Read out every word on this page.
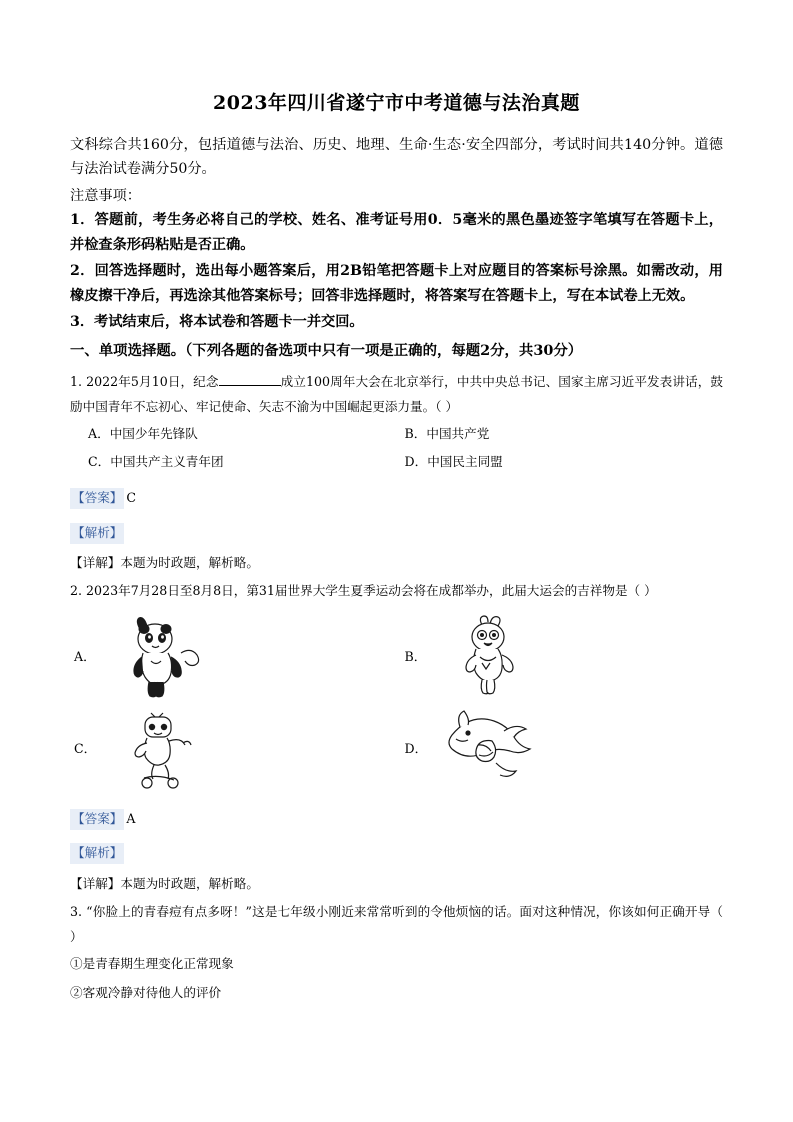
2023年四川省遂宁市中考道德与法治真题
文科综合共160分，包括道德与法治、历史、地理、生命·生态·安全四部分，考试时间共140分钟。道德与法治试卷满分50分。
注意事项：
1．答题前，考生务必将自己的学校、姓名、准考证号用0．5毫米的黑色墨迹签字笔填写在答题卡上，并检查条形码粘贴是否正确。
2．回答选择题时，选出每小题答案后，用2B铅笔把答题卡上对应题目的答案标号涂黑。如需改动，用橡皮擦干净后，再选涂其他答案标号；回答非选择题时，将答案写在答题卡上，写在本试卷上无效。
3．考试结束后，将本试卷和答题卡一并交回。
一、单项选择题。（下列各题的备选项中只有一项是正确的，每题2分，共30分）
1. 2022年5月10日，纪念	成立100周年大会在北京举行，中共中央总书记、国家主席习近平发表讲话，鼓励中国青年不忘初心、牢记使命、矢志不渝为中国崛起更添力量。（ ）
A．中国少年先锋队	B．中国共产党
C．中国共产主义青年团	D．中国民主同盟
【答案】 C
【解析】
【详解】本题为时政题，解析略。
2. 2023年7月28日至8月8日，第31届世界大学生夏季运动会将在成都举办，此届大运会的吉祥物是（ ）
A．	B．
C．	D．
【答案】 A
【解析】
【详解】本题为时政题，解析略。
3. “你脸上的青春痘有点多呀！”这是七年级小刚近来常常听到的令他烦恼的话。面对这种情况，你该如何正确开导（ ）
①是青春期生理变化正常现象
②客观冷静对待他人的评价
